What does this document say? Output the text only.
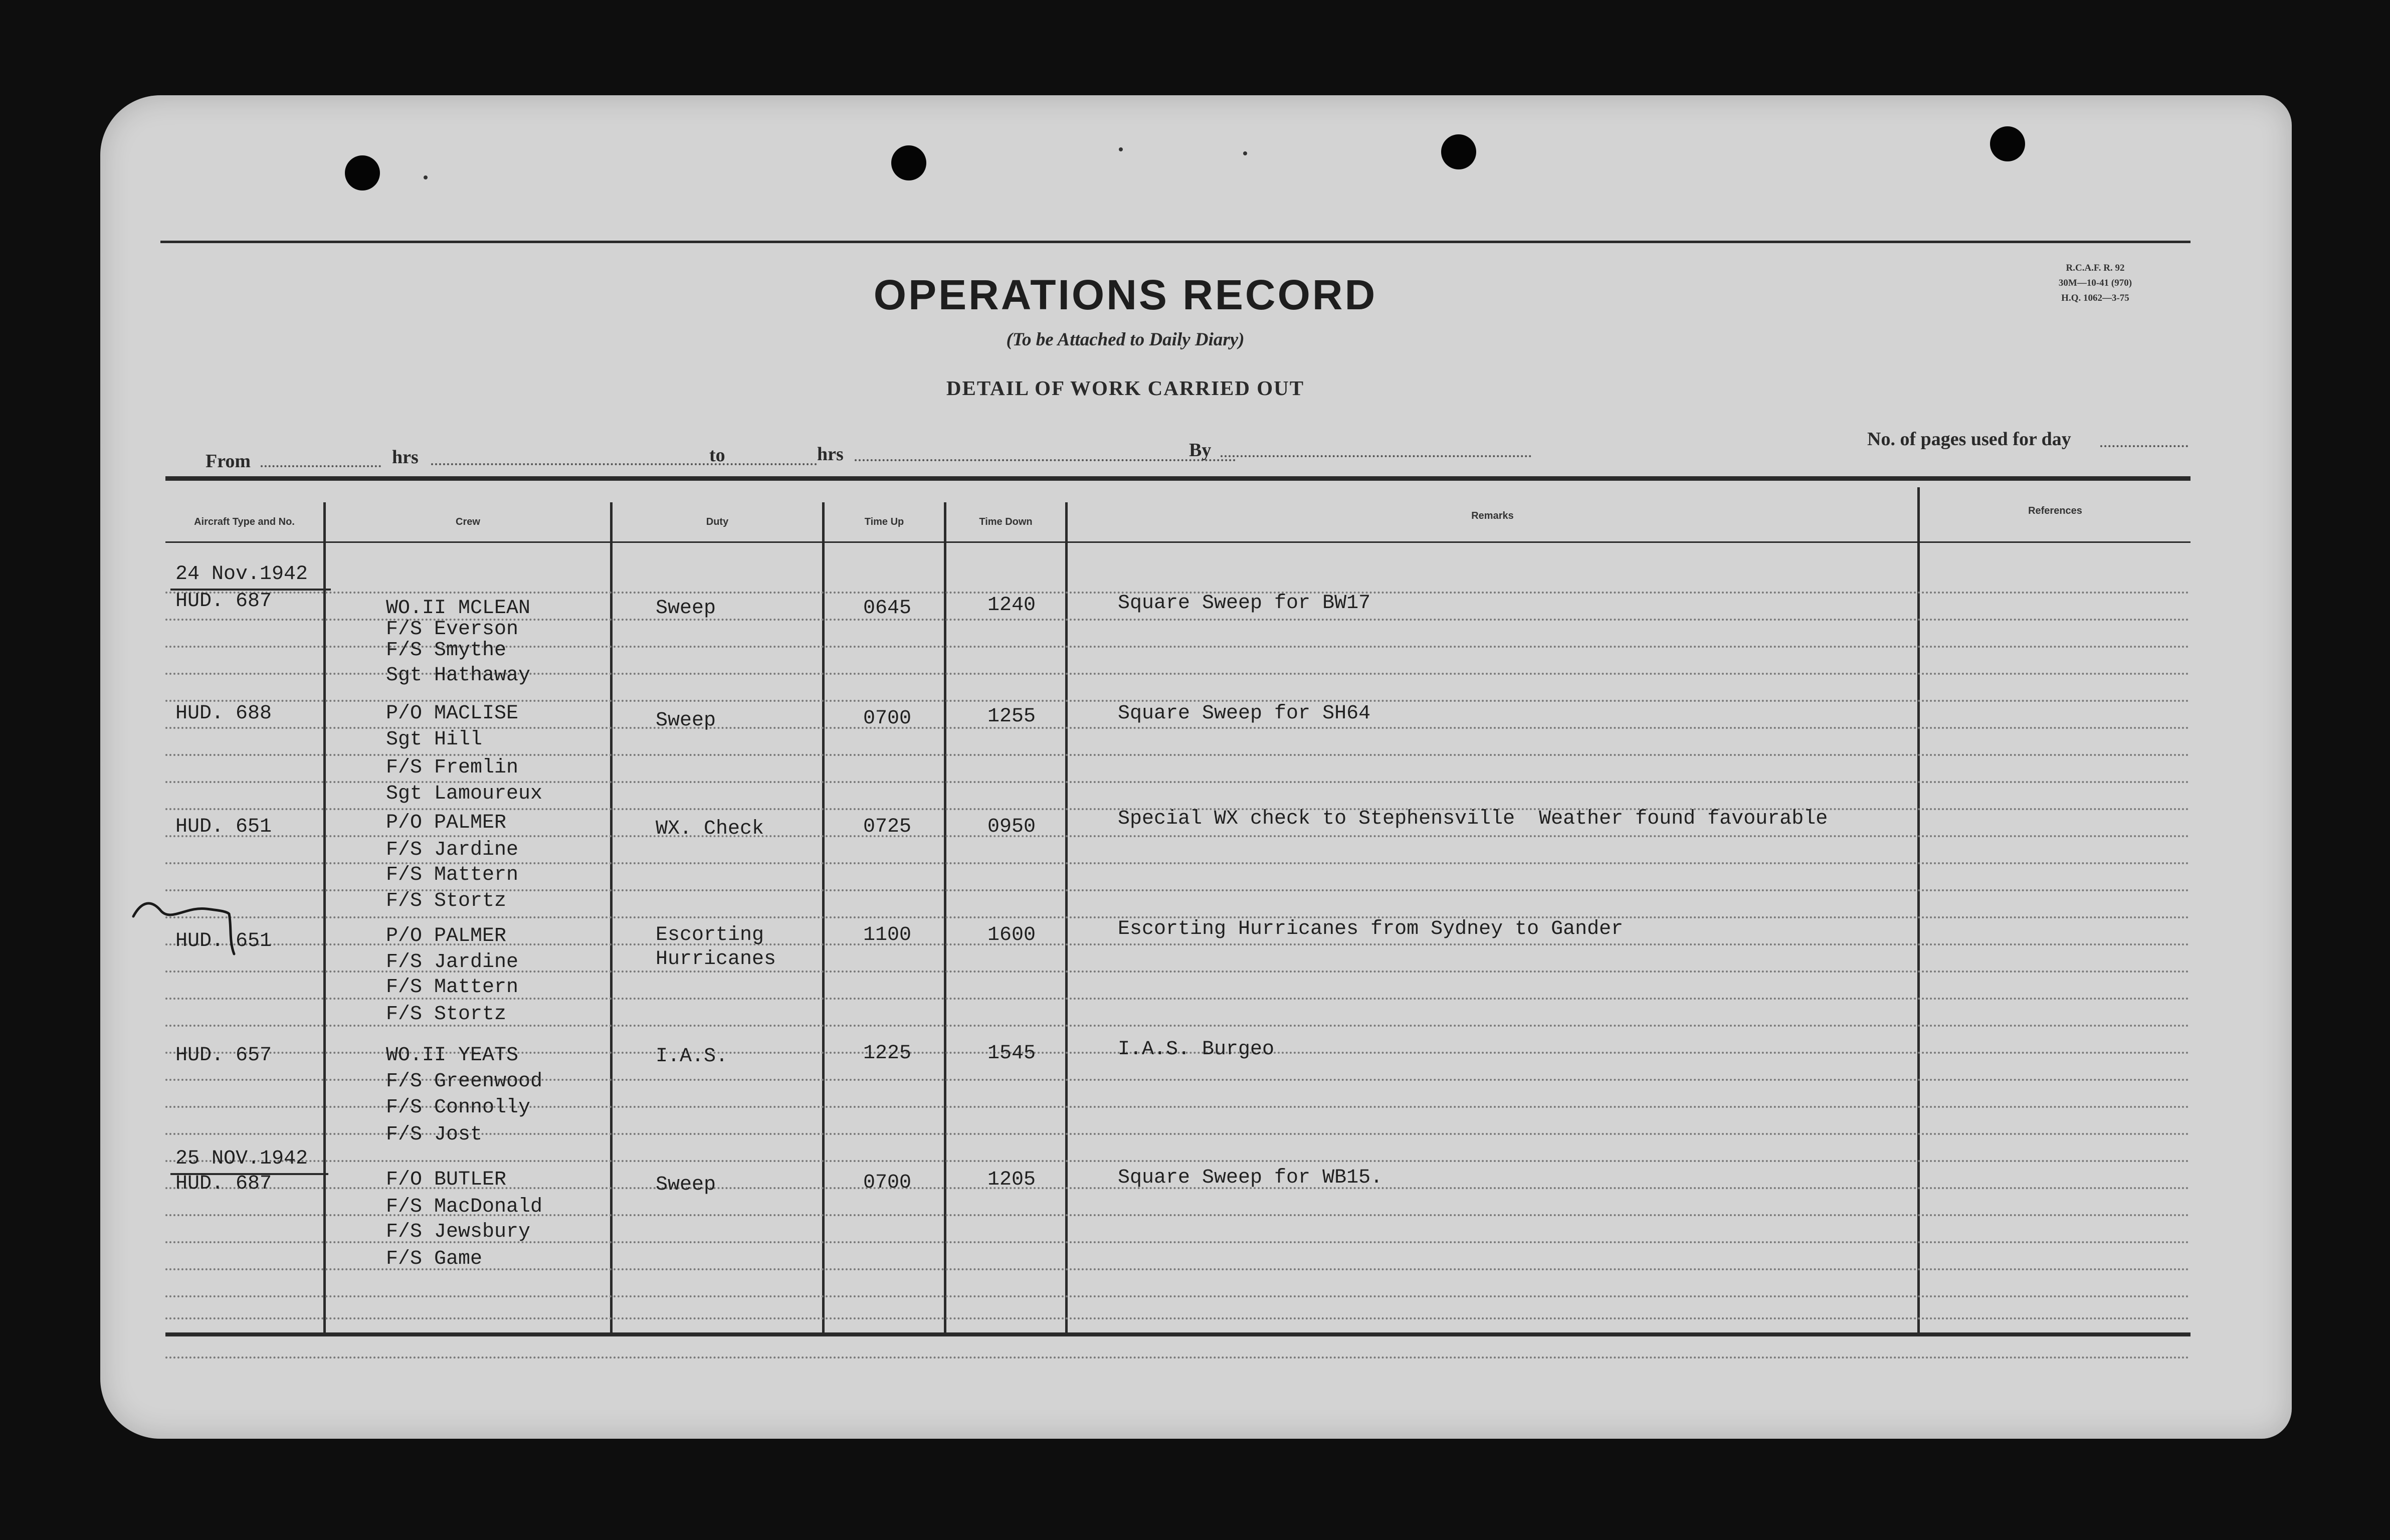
R.C.A.F. R. 92
30M—10-41 (970)
H.Q. 1062—3-75
OPERATIONS RECORD
(To be Attached to Daily Diary)
DETAIL OF WORK CARRIED OUT
From	hrs	to	hrs	By
No. of pages used for day
Aircraft Type and No.	Crew	Duty	Time Up	Time Down
Remarks	References
24 Nov.1942
HUD. 687	WO.II MCLEAN
F/S Everson
F/S Smythe
Sgt Hathaway
Sweep	0645	1240	Square Sweep for BW17
HUD. 688	P/O MACLISE
Sgt Hill
F/S Fremlin
Sgt Lamoureux
Sweep	0700	1255	Square Sweep for SH64
HUD. 651	P/O PALMER
F/S Jardine
F/S Mattern
F/S Stortz
WX. Check	0725	0950	Special WX check to Stephensville  Weather found favourable
HUD. 651	P/O PALMER
F/S Jardine
F/S Mattern
F/S Stortz
Escorting
Hurricanes
1100	1600	Escorting Hurricanes from Sydney to Gander
HUD. 657	WO.II YEATS
F/S Greenwood
F/S Connolly
F/S Jost
I.A.S.	1225	1545	I.A.S. Burgeo
25 NOV.1942
HUD. 687	F/O BUTLER
F/S MacDonald
F/S Jewsbury
F/S Game
Sweep	0700	1205	Square Sweep for WB15.
